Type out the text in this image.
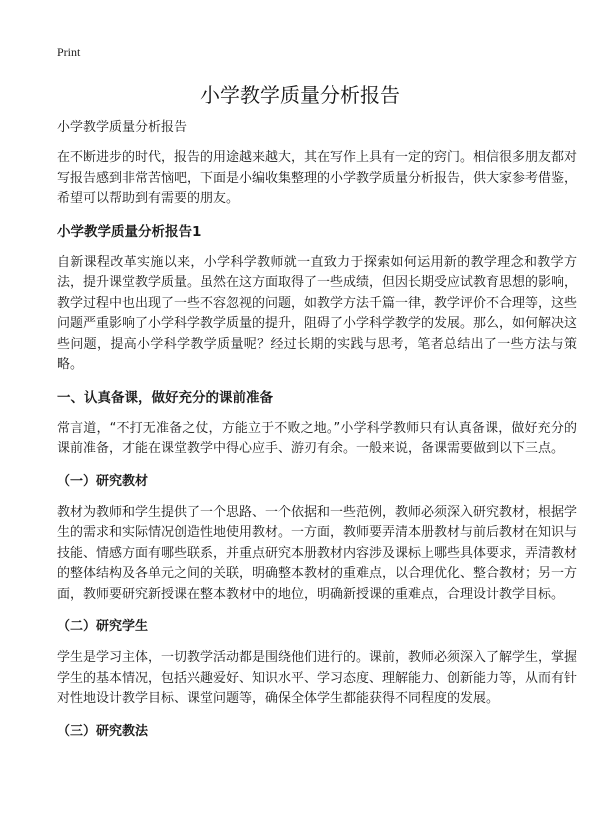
Print
小学教学质量分析报告

小学教学质量分析报告

在不断进步的时代，报告的用途越来越大，其在写作上具有一定的窍门。相信很多朋友都对写报告感到非常苦恼吧，下面是小编收集整理的小学教学质量分析报告，供大家参考借鉴，希望可以帮助到有需要的朋友。

小学教学质量分析报告1

自新课程改革实施以来，小学科学教师就一直致力于探索如何运用新的教学理念和教学方法，提升课堂教学质量。虽然在这方面取得了一些成绩，但因长期受应试教育思想的影响，教学过程中也出现了一些不容忽视的问题，如教学方法千篇一律，教学评价不合理等，这些问题严重影响了小学科学教学质量的提升，阻碍了小学科学教学的发展。那么，如何解决这些问题，提高小学科学教学质量呢？经过长期的实践与思考，笔者总结出了一些方法与策略。

一、认真备课，做好充分的课前准备

常言道，“不打无准备之仗，方能立于不败之地。”小学科学教师只有认真备课，做好充分的课前准备，才能在课堂教学中得心应手、游刃有余。一般来说，备课需要做到以下三点。

（一）研究教材

教材为教师和学生提供了一个思路、一个依据和一些范例，教师必须深入研究教材，根据学生的需求和实际情况创造性地使用教材。一方面，教师要弄清本册教材与前后教材在知识与技能、情感方面有哪些联系，并重点研究本册教材内容涉及课标上哪些具体要求，弄清教材的整体结构及各单元之间的关联，明确整本教材的重难点，以合理优化、整合教材；另一方面，教师要研究新授课在整本教材中的地位，明确新授课的重难点，合理设计教学目标。

（二）研究学生

学生是学习主体，一切教学活动都是围绕他们进行的。课前，教师必须深入了解学生，掌握学生的基本情况，包括兴趣爱好、知识水平、学习态度、理解能力、创新能力等，从而有针对性地设计教学目标、课堂问题等，确保全体学生都能获得不同程度的发展。

（三）研究教法
